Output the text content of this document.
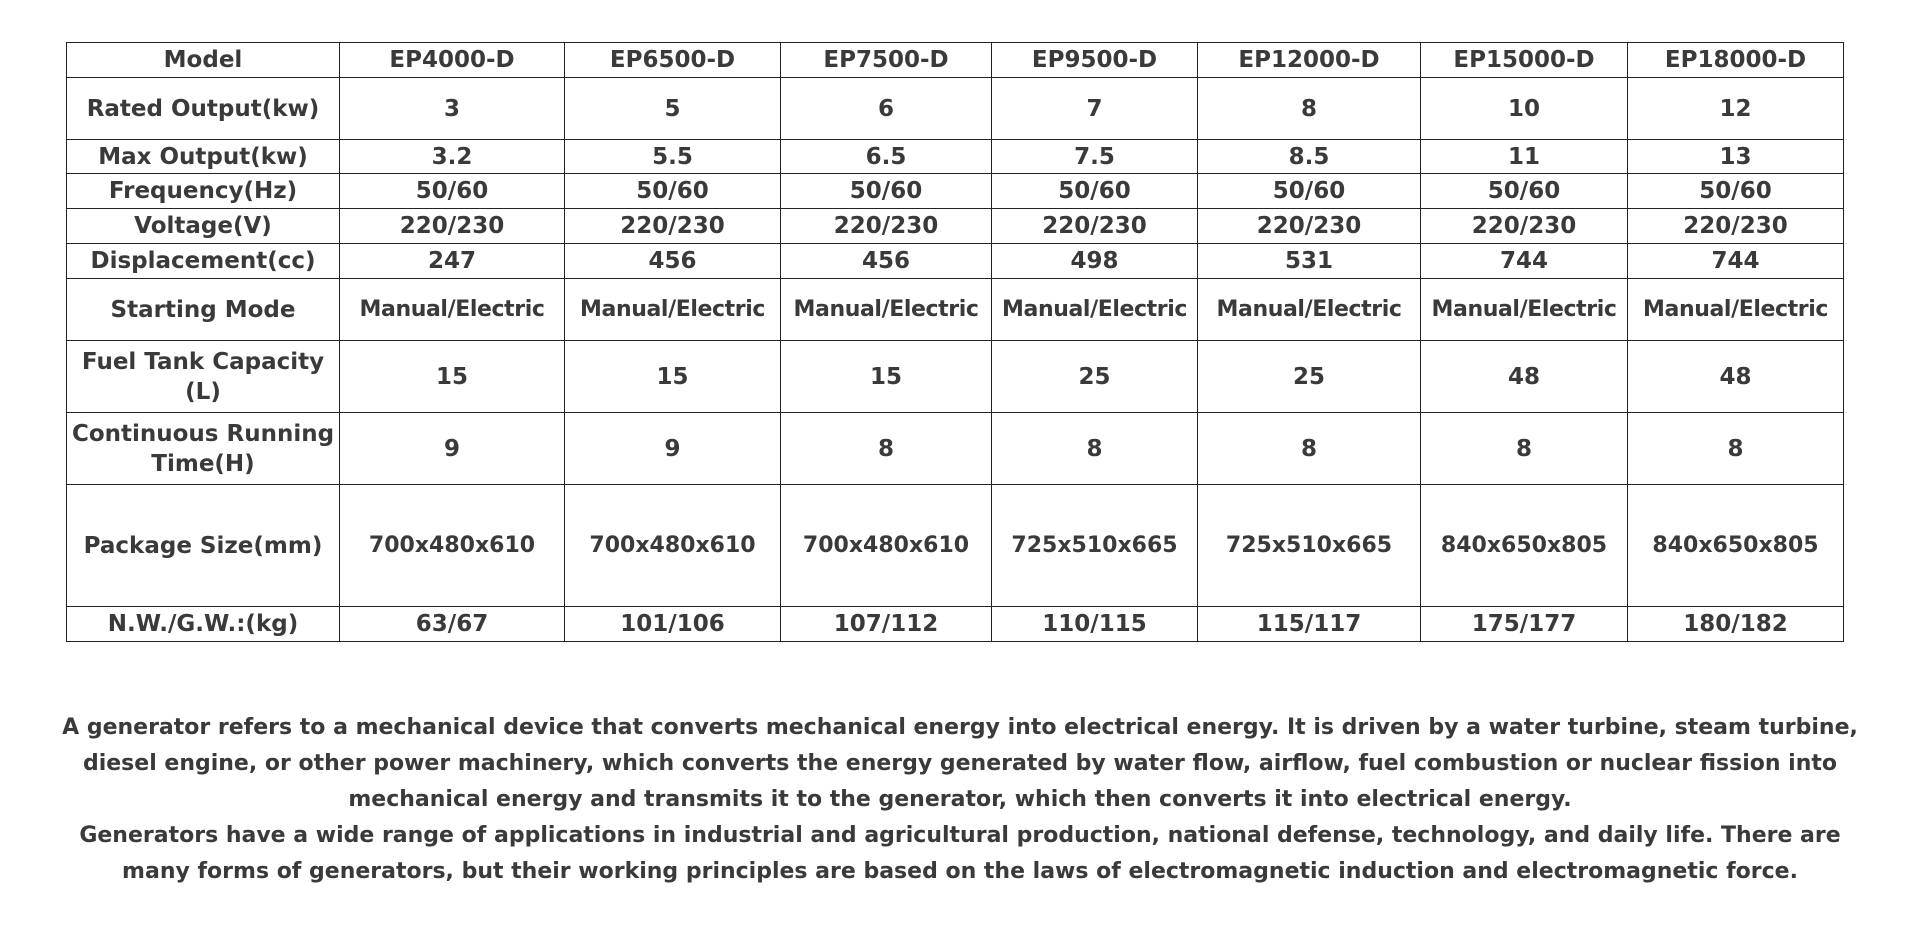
Model	EP4000-D	EP6500-D	EP7500-D	EP9500-D	EP12000-D	EP15000-D	EP18000-D
Rated Output(kw)	3	5	6	7	8	10	12
Max Output(kw)	3.2	5.5	6.5	7.5	8.5	11	13
Frequency(Hz)	50/60	50/60	50/60	50/60	50/60	50/60	50/60
Voltage(V)	220/230	220/230	220/230	220/230	220/230	220/230	220/230
Displacement(cc)	247	456	456	498	531	744	744
Starting Mode	Manual/Electric	Manual/Electric	Manual/Electric	Manual/Electric	Manual/Electric	Manual/Electric	Manual/Electric
Fuel Tank Capacity (L)	15	15	15	25	25	48	48
Continuous Running Time(H)	9	9	8	8	8	8	8
Package Size(mm)	700x480x610	700x480x610	700x480x610	725x510x665	725x510x665	840x650x805	840x650x805
N.W./G.W.:(kg)	63/67	101/106	107/112	110/115	115/117	175/177	180/182

A generator refers to a mechanical device that converts mechanical energy into electrical energy. It is driven by a water turbine, steam turbine, diesel engine, or other power machinery, which converts the energy generated by water flow, airflow, fuel combustion or nuclear fission into mechanical energy and transmits it to the generator, which then converts it into electrical energy.

Generators have a wide range of applications in industrial and agricultural production, national defense, technology, and daily life. There are many forms of generators, but their working principles are based on the laws of electromagnetic induction and electromagnetic force.
